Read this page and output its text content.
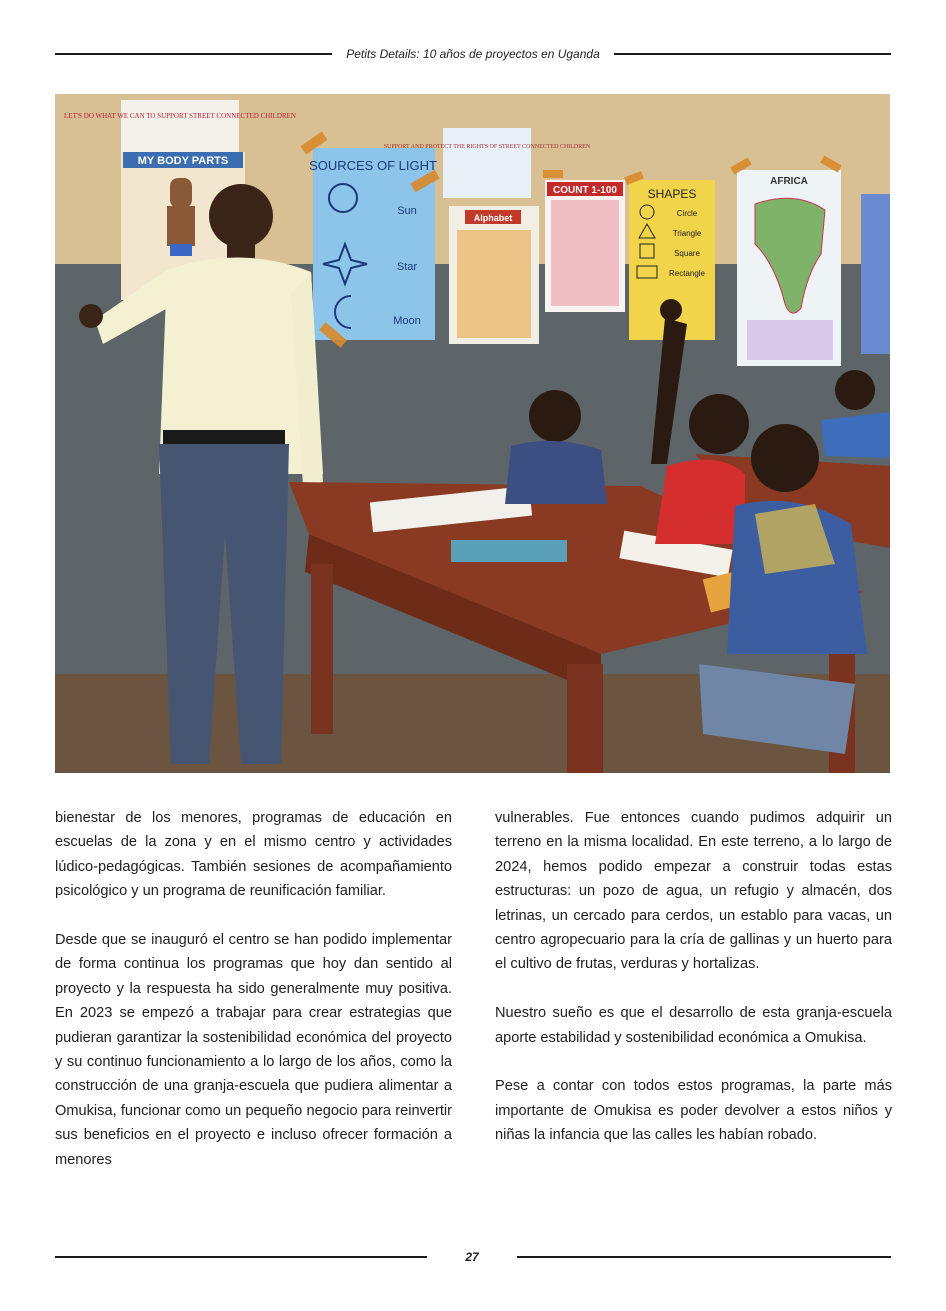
Petits Details: 10 años de proyectos en Uganda
LET'S DO WHAT WE CAN TO SUPPORT STREET CONNECTED CHILDREN
MY BODY PARTS	SOURCES OF LIGHT
Sun
Star
Moon
SUPPORT AND PROTECT THE RIGHTS OF STREET CONNECTED CHILDREN
Alphabet
COUNT 1-100	SHAPES
Circle
Triangle
Square
Rectangle
AFRICA

bienestar de los menores, programas de educación en escuelas de la zona y en el mismo centro y actividades lúdico-pedagógicas. También sesiones de acompañamiento psicológico y un programa de reunificación familiar.

Desde que se inauguró el centro se han podido implementar de forma continua los programas que hoy dan sentido al proyecto y la respuesta ha sido generalmente muy positiva. En 2023 se empezó a trabajar para crear estrategias que pudieran garantizar la sostenibilidad económica del proyecto y su continuo funcionamiento a lo largo de los años, como la construcción de una granja-escuela que pudiera alimentar a Omukisa, funcionar como un pequeño negocio para reinvertir sus beneficios en el proyecto e incluso ofrecer formación a menores

vulnerables. Fue entonces cuando pudimos adquirir un terreno en la misma localidad. En este terreno, a lo largo de 2024, hemos podido empezar a construir todas estas estructuras: un pozo de agua, un refugio y almacén, dos letrinas, un cercado para cerdos, un establo para vacas, un centro agropecuario para la cría de gallinas y un huerto para el cultivo de frutas, verduras y hortalizas.

Nuestro sueño es que el desarrollo de esta granja-escuela aporte estabilidad y sostenibilidad económica a Omukisa.

Pese a contar con todos estos programas, la parte más importante de Omukisa es poder devolver a estos niños y niñas la infancia que las calles les habían robado.

27
